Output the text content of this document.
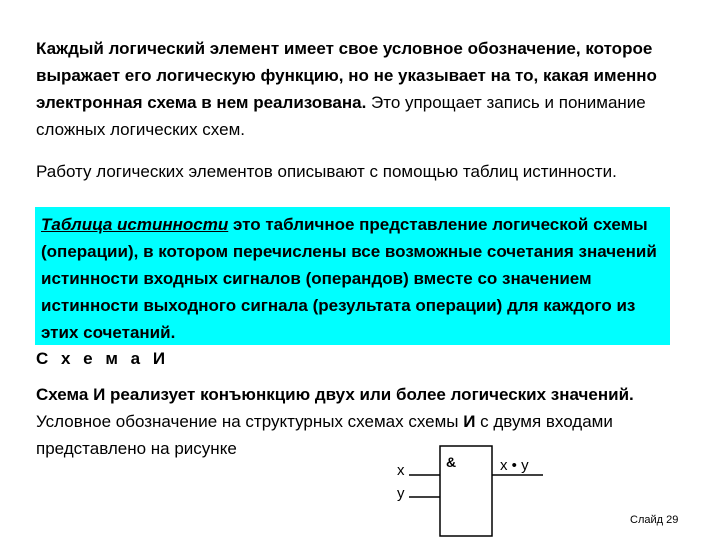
Каждый логический элемент имеет свое условное обозначение, которое выражает его логическую функцию, но не указывает на то, какая именно электронная схема в нем реализована. Это упрощает запись и понимание сложных логических схем.

Работу логических элементов описывают с помощью таблиц истинности.

Таблица истинности это табличное представление логической схемы (операции), в котором перечислены все возможные сочетания значений истинности входных сигналов (операндов) вместе со значением истинности выходного сигнала (результата операции) для каждого из этих сочетаний.
С х е м а И

Схема И реализует конъюнкцию двух или более логических значений. Условное обозначение на структурных схемах схемы И с двумя входами представлено на рисунке

&
x
y
x • y
Слайд 29
